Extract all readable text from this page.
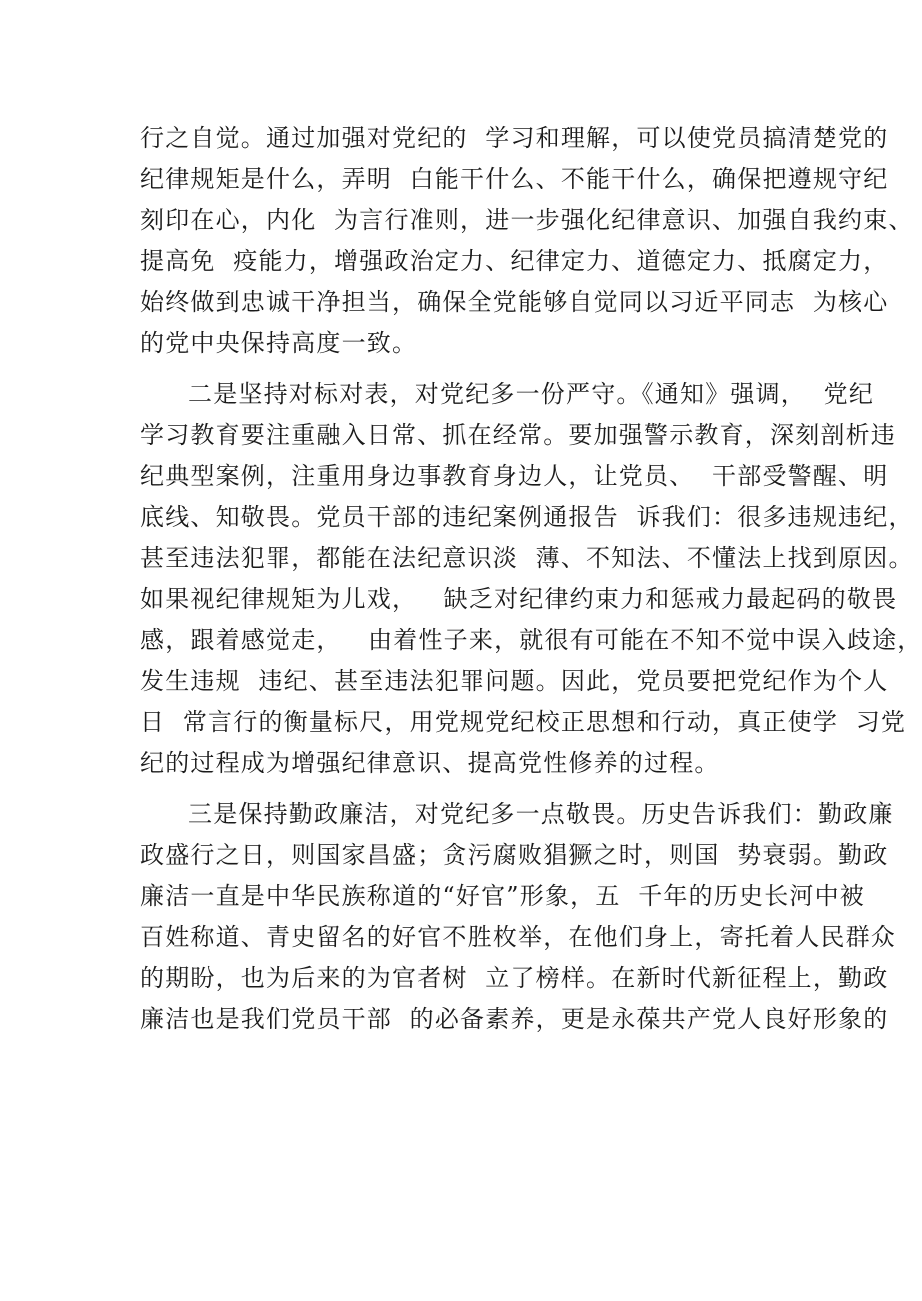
行之自觉。通过加强对党纪的  学习和理解，可以使党员搞清楚党的
纪律规矩是什么，弄明  白能干什么、不能干什么，确保把遵规守纪
刻印在心，内化  为言行准则，进一步强化纪律意识、加强自我约束、
提高免  疫能力，增强政治定力、纪律定力、道德定力、抵腐定力，
始终做到忠诚干净担当，确保全党能够自觉同以习近平同志  为核心
的党中央保持高度一致。
二是坚持对标对表，对党纪多一份严守。《通知》强调，  党纪
学习教育要注重融入日常、抓在经常。要加强警示教育，深刻剖析违
纪典型案例，注重用身边事教育身边人，让党员、  干部受警醒、明
底线、知敬畏。党员干部的违纪案例通报告  诉我们：很多违规违纪，
甚至违法犯罪，都能在法纪意识淡  薄、不知法、不懂法上找到原因。
如果视纪律规矩为儿戏，   缺乏对纪律约束力和惩戒力最起码的敬畏
感，跟着感觉走，   由着性子来，就很有可能在不知不觉中误入歧途，
发生违规  违纪、甚至违法犯罪问题。因此，党员要把党纪作为个人
日  常言行的衡量标尺，用党规党纪校正思想和行动，真正使学  习党
纪的过程成为增强纪律意识、提高党性修养的过程。
三是保持勤政廉洁，对党纪多一点敬畏。历史告诉我们：勤政廉
政盛行之日，则国家昌盛；贪污腐败猖獗之时，则国  势衰弱。勤政
廉洁一直是中华民族称道的“好官”形象，五  千年的历史长河中被
百姓称道、青史留名的好官不胜枚举，在他们身上，寄托着人民群众
的期盼，也为后来的为官者树  立了榜样。在新时代新征程上，勤政
廉洁也是我们党员干部  的必备素养，更是永葆共产党人良好形象的
